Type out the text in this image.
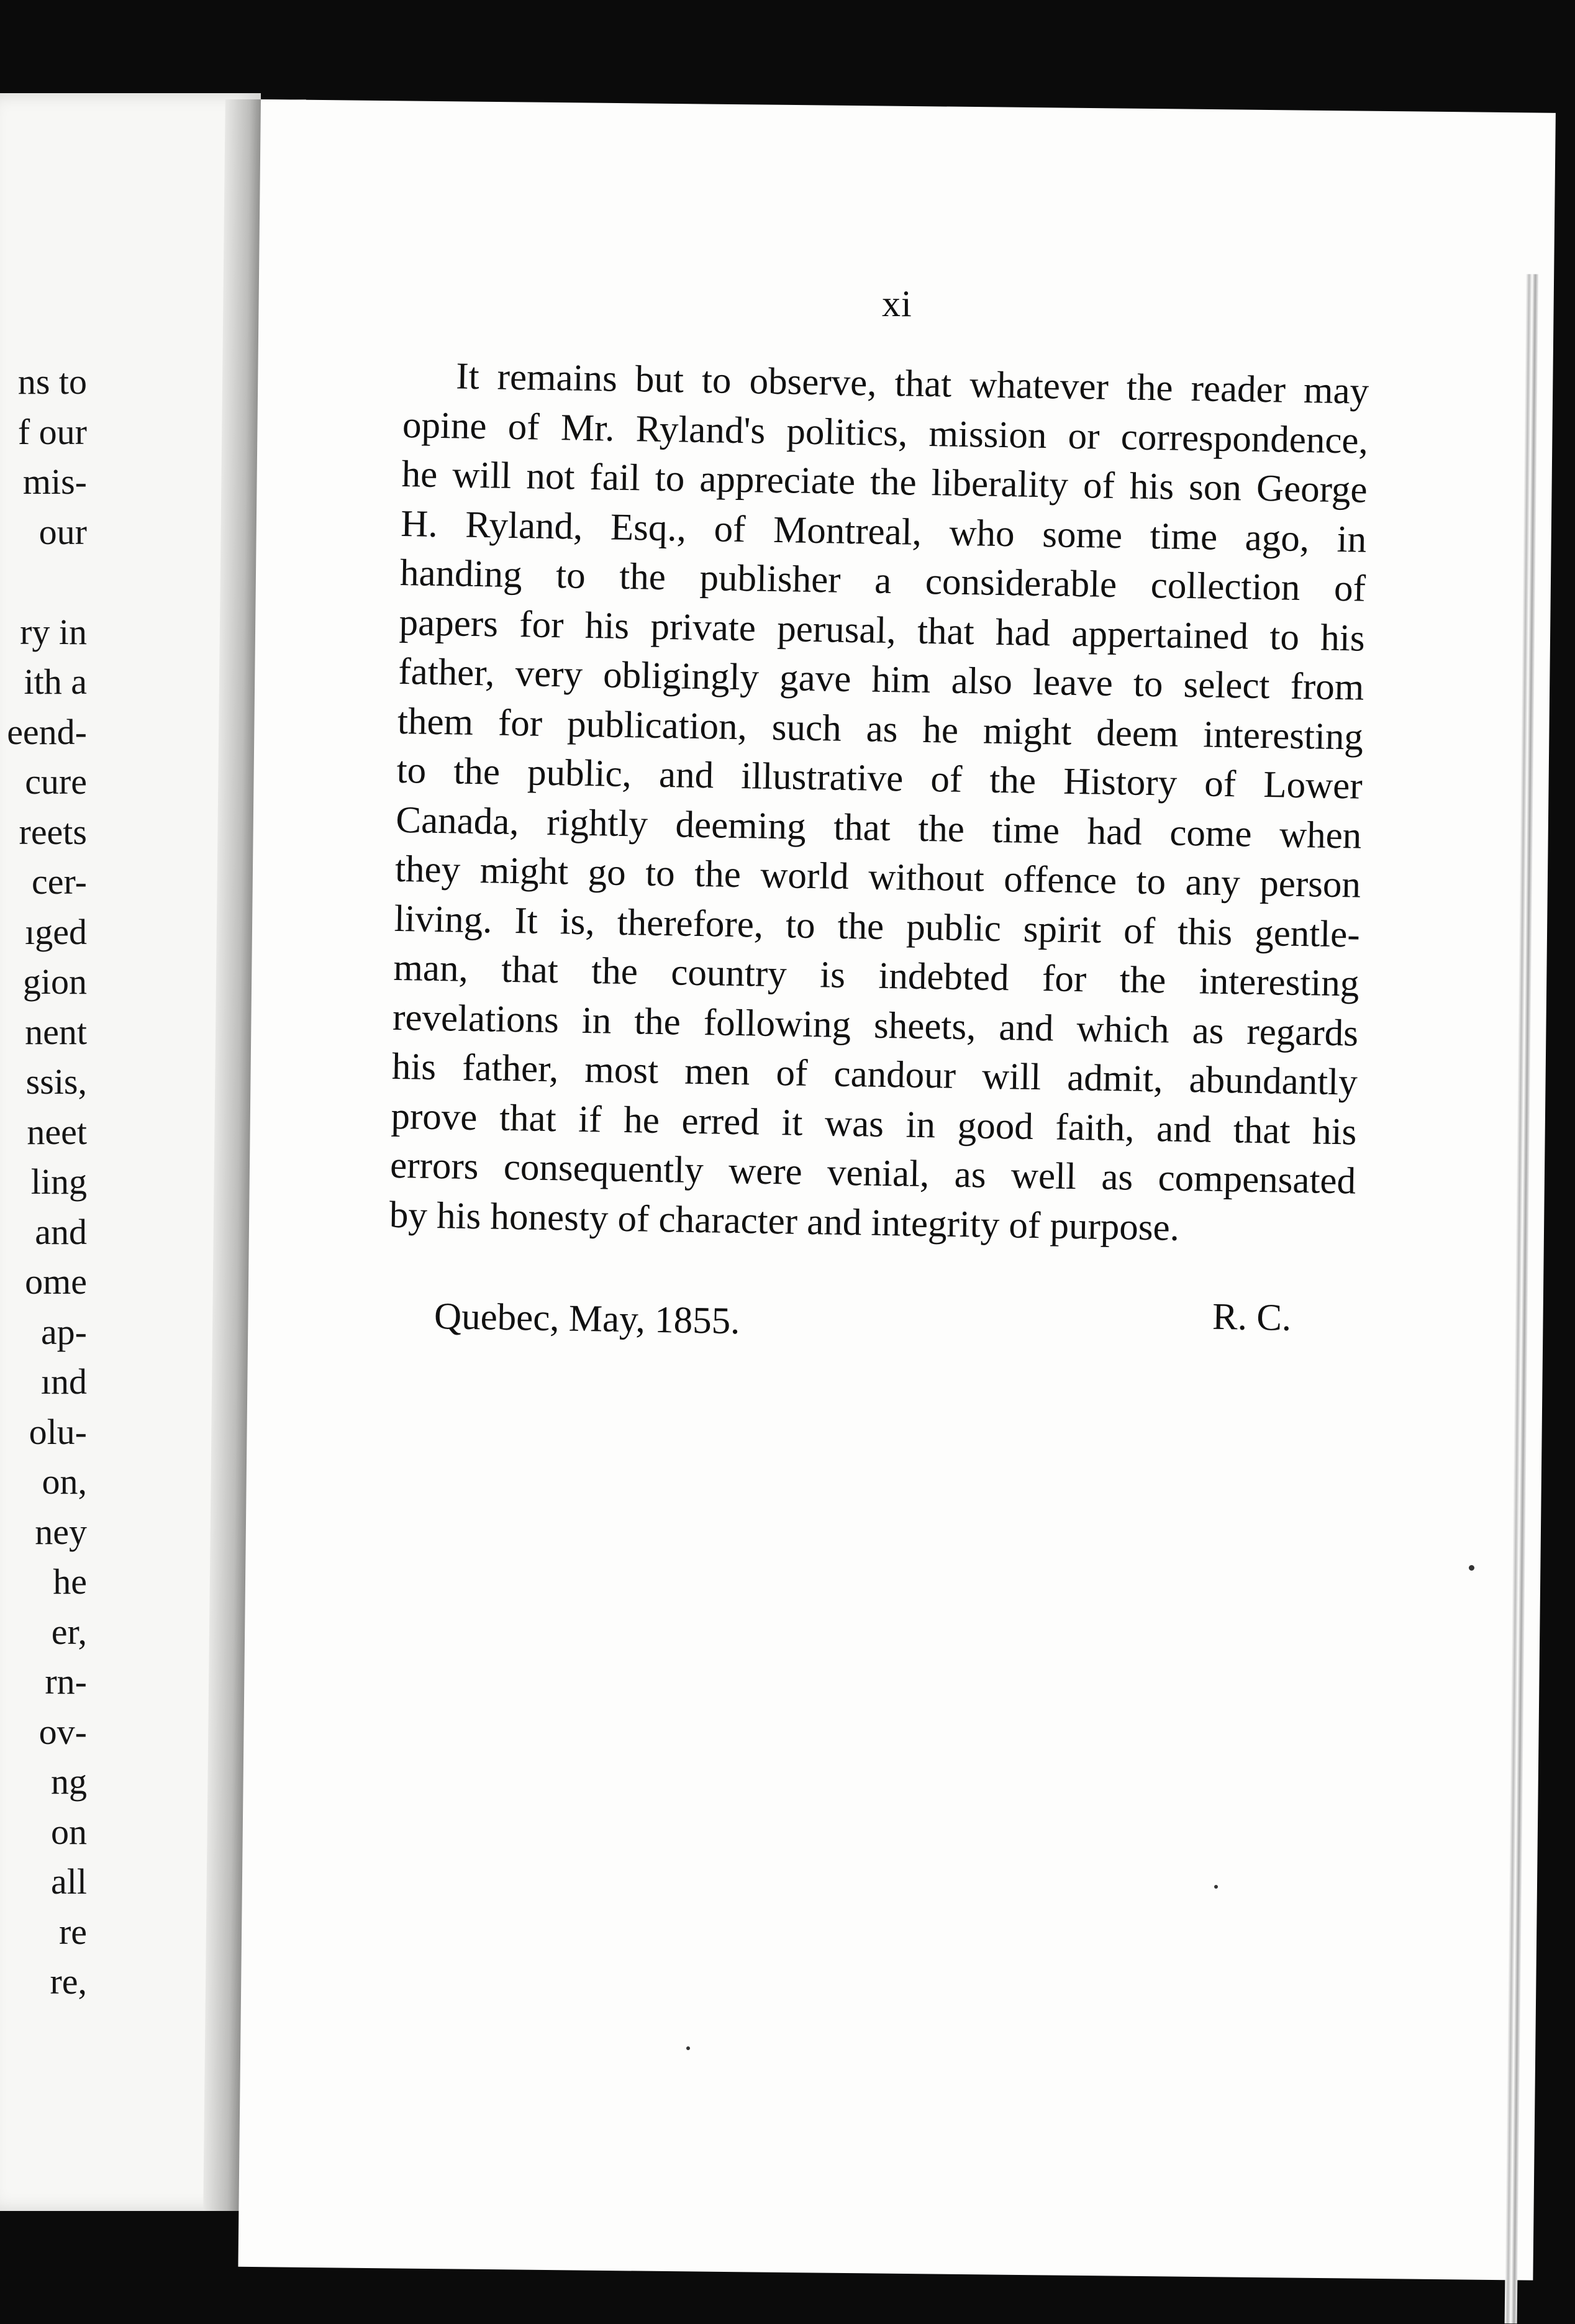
ns to
f our
mis-
our
ry in
ith a
eend-
cure
reets
cer-
ıged
gion
nent
ssis,
neet
ling
and
ome
ap-
ınd
olu-
on,
ney
he
er,
rn-
ov-
ng
on
all
re
re,
xi
It remains but to observe, that whatever the reader may
opine of Mr. Ryland's politics, mission or correspondence,
he will not fail to appreciate the liberality of his son George
H. Ryland, Esq., of Montreal, who some time ago, in
handing to the publisher a considerable collection of
papers for his private perusal, that had appertained to his
father, very obligingly gave him also leave to select from
them for publication, such as he might deem interesting
to the public, and illustrative of the History of Lower
Canada, rightly deeming that the time had come when
they might go to the world without offence to any person
living. It is, therefore, to the public spirit of this gentle-
man, that the country is indebted for the interesting
revelations in the following sheets, and which as regards
his father, most men of candour will admit, abundantly
prove that if he erred it was in good faith, and that his
errors consequently were venial, as well as compensated
by his honesty of character and integrity of purpose.
Quebec, May, 1855.	R. C.
